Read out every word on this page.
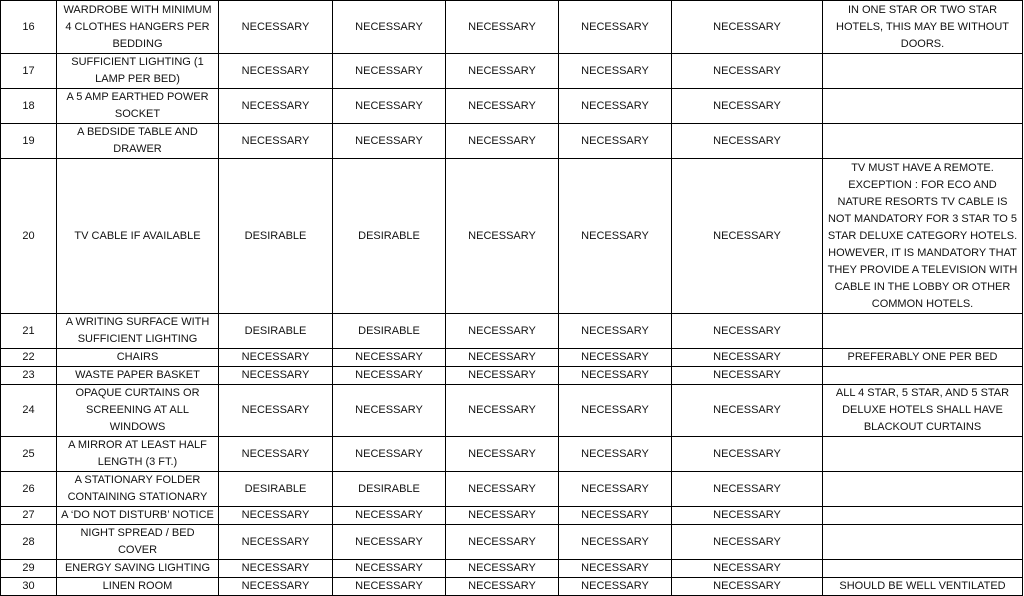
16	WARDROBE WITH MINIMUM 4 CLOTHES HANGERS PER BEDDING	NECESSARY	NECESSARY	NECESSARY	NECESSARY	NECESSARY	IN ONE STAR OR TWO STAR HOTELS, THIS MAY BE WITHOUT DOORS.
17	SUFFICIENT LIGHTING (1 LAMP PER BED)	NECESSARY	NECESSARY	NECESSARY	NECESSARY	NECESSARY	
18	A 5 AMP EARTHED POWER SOCKET	NECESSARY	NECESSARY	NECESSARY	NECESSARY	NECESSARY	
19	A BEDSIDE TABLE AND DRAWER	NECESSARY	NECESSARY	NECESSARY	NECESSARY	NECESSARY	
20	TV CABLE IF AVAILABLE	DESIRABLE	DESIRABLE	NECESSARY	NECESSARY	NECESSARY	TV MUST HAVE A REMOTE. EXCEPTION : FOR ECO AND NATURE RESORTS TV CABLE IS NOT MANDATORY FOR 3 STAR TO 5 STAR DELUXE CATEGORY HOTELS. HOWEVER, IT IS MANDATORY THAT THEY PROVIDE A TELEVISION WITH CABLE IN THE LOBBY OR OTHER COMMON HOTELS.
21	A WRITING SURFACE WITH SUFFICIENT LIGHTING	DESIRABLE	DESIRABLE	NECESSARY	NECESSARY	NECESSARY	
22	CHAIRS	NECESSARY	NECESSARY	NECESSARY	NECESSARY	NECESSARY	PREFERABLY ONE PER BED
23	WASTE PAPER BASKET	NECESSARY	NECESSARY	NECESSARY	NECESSARY	NECESSARY	
24	OPAQUE CURTAINS OR SCREENING AT ALL WINDOWS	NECESSARY	NECESSARY	NECESSARY	NECESSARY	NECESSARY	ALL 4 STAR, 5 STAR, AND 5 STAR DELUXE HOTELS SHALL HAVE BLACKOUT CURTAINS
25	A MIRROR AT LEAST HALF LENGTH (3 FT.)	NECESSARY	NECESSARY	NECESSARY	NECESSARY	NECESSARY	
26	A STATIONARY FOLDER CONTAINING STATIONARY	DESIRABLE	DESIRABLE	NECESSARY	NECESSARY	NECESSARY	
27	A ‘DO NOT DISTURB’ NOTICE	NECESSARY	NECESSARY	NECESSARY	NECESSARY	NECESSARY	
28	NIGHT SPREAD / BED COVER	NECESSARY	NECESSARY	NECESSARY	NECESSARY	NECESSARY	
29	ENERGY SAVING LIGHTING	NECESSARY	NECESSARY	NECESSARY	NECESSARY	NECESSARY	
30	LINEN ROOM	NECESSARY	NECESSARY	NECESSARY	NECESSARY	NECESSARY	SHOULD BE WELL VENTILATED
